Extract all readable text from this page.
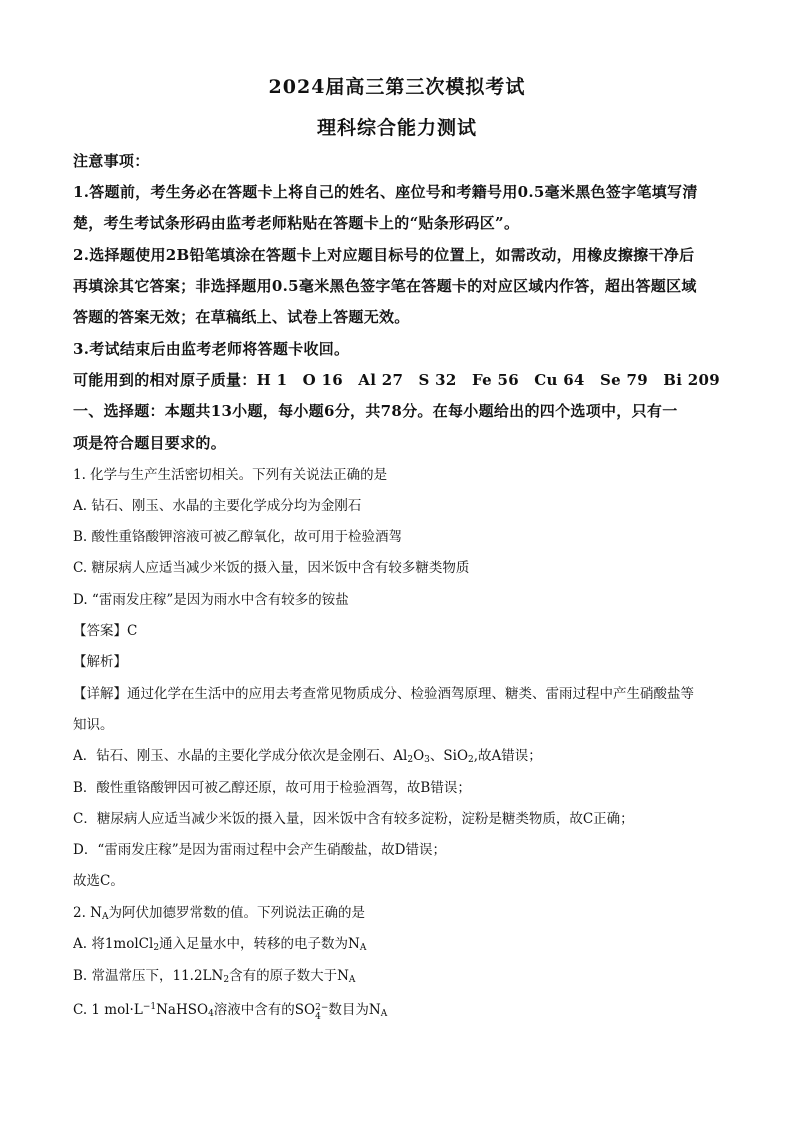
2024届高三第三次模拟考试
理科综合能力测试
注意事项：
1.答题前，考生务必在答题卡上将自己的姓名、座位号和考籍号用0.5毫米黑色签字笔填写清
楚，考生考试条形码由监考老师粘贴在答题卡上的“贴条形码区”。
2.选择题使用2B铅笔填涂在答题卡上对应题目标号的位置上，如需改动，用橡皮擦擦干净后
再填涂其它答案；非选择题用0.5毫米黑色签字笔在答题卡的对应区域内作答，超出答题区域
答题的答案无效；在草稿纸上、试卷上答题无效。
3.考试结束后由监考老师将答题卡收回。
可能用到的相对原子质量：H 1　O 16　Al 27　S 32　Fe 56　Cu 64　Se 79　Bi 209
一、选择题：本题共13小题，每小题6分，共78分。在每小题给出的四个选项中，只有一
项是符合题目要求的。
1. 化学与生产生活密切相关。下列有关说法正确的是
A. 钻石、刚玉、水晶的主要化学成分均为金刚石
B. 酸性重铬酸钾溶液可被乙醇氧化，故可用于检验酒驾
C. 糖尿病人应适当减少米饭的摄入量，因米饭中含有较多糖类物质
D. “雷雨发庄稼”是因为雨水中含有较多的铵盐
【答案】C
【解析】
【详解】通过化学在生活中的应用去考查常见物质成分、检验酒驾原理、糖类、雷雨过程中产生硝酸盐等
知识。
A．钻石、刚玉、水晶的主要化学成分依次是金刚石、$Al_2O_3$、SiO$_2$,故A错误；
B．酸性重铬酸钾因可被乙醇还原，故可用于检验酒驾，故B错误；
C．糖尿病人应适当减少米饭的摄入量，因米饭中含有较多淀粉，淀粉是糖类物质，故C正确；
D．“雷雨发庄稼”是因为雷雨过程中会产生硝酸盐，故D错误；
故选C。
2. $N_A$为阿伏加德罗常数的值。下列说法正确的是
A. 将1molCl$_2$通入足量水中，转移的电子数为$N_A$
B. 常温常压下，$11.2LN_2$含有的原子数大于$N_A$
C. 1 $mol\cdot L^{-1}NaHSO_4$溶液中含有的SO 2−
4 数目为$N_A$
